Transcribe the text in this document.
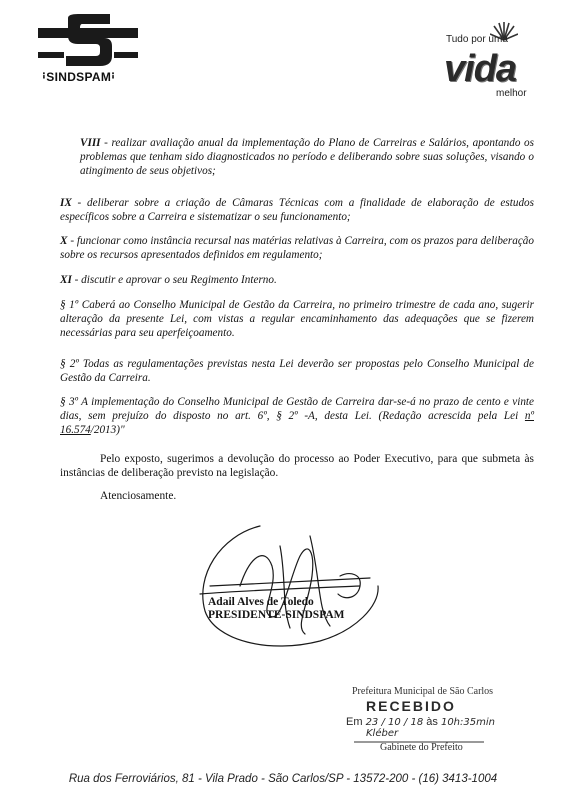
ꜟSINDSPAMꜟ
Tudo por uma
vida
melhor

VIII - realizar avaliação anual da implementação do Plano de Carreiras e Salários, apontando os problemas que tenham sido diagnosticados no período e deliberando sobre suas soluções, visando o atingimento de seus objetivos;

IX - deliberar sobre a criação de Câmaras Técnicas com a finalidade de elaboração de estudos específicos sobre a Carreira e sistematizar o seu funcionamento;

X - funcionar como instância recursal nas matérias relativas à Carreira, com os prazos para deliberação sobre os recursos apresentados definidos em regulamento;

XI - discutir e aprovar o seu Regimento Interno.

§ 1º Caberá ao Conselho Municipal de Gestão da Carreira, no primeiro trimestre de cada ano, sugerir alteração da presente Lei, com vistas a regular encaminhamento das adequações que se fizerem necessárias para seu aperfeiçoamento.

§ 2º Todas as regulamentações previstas nesta Lei deverão ser propostas pelo Conselho Municipal de Gestão da Carreira.

§ 3º A implementação do Conselho Municipal de Gestão de Carreira dar-se-á no prazo de cento e vinte dias, sem prejuízo do disposto no art. 6º, § 2º -A, desta Lei. (Redação acrescida pela Lei nº 16.574/2013)"

Pelo exposto, sugerimos a devolução do processo ao Poder Executivo, para que submeta às instâncias de deliberação previsto na legislação.
Atenciosamente.
Adail Alves de Toledo
PRESIDENTE-SINDSPAM
Prefeitura Municipal de São Carlos
RECEBIDO
Em 23 / 10 / 18 às 10h:35min
Kléber
Gabinete do Prefeito
Rua dos Ferroviários, 81 - Vila Prado - São Carlos/SP - 13572-200 - (16) 3413-1004
